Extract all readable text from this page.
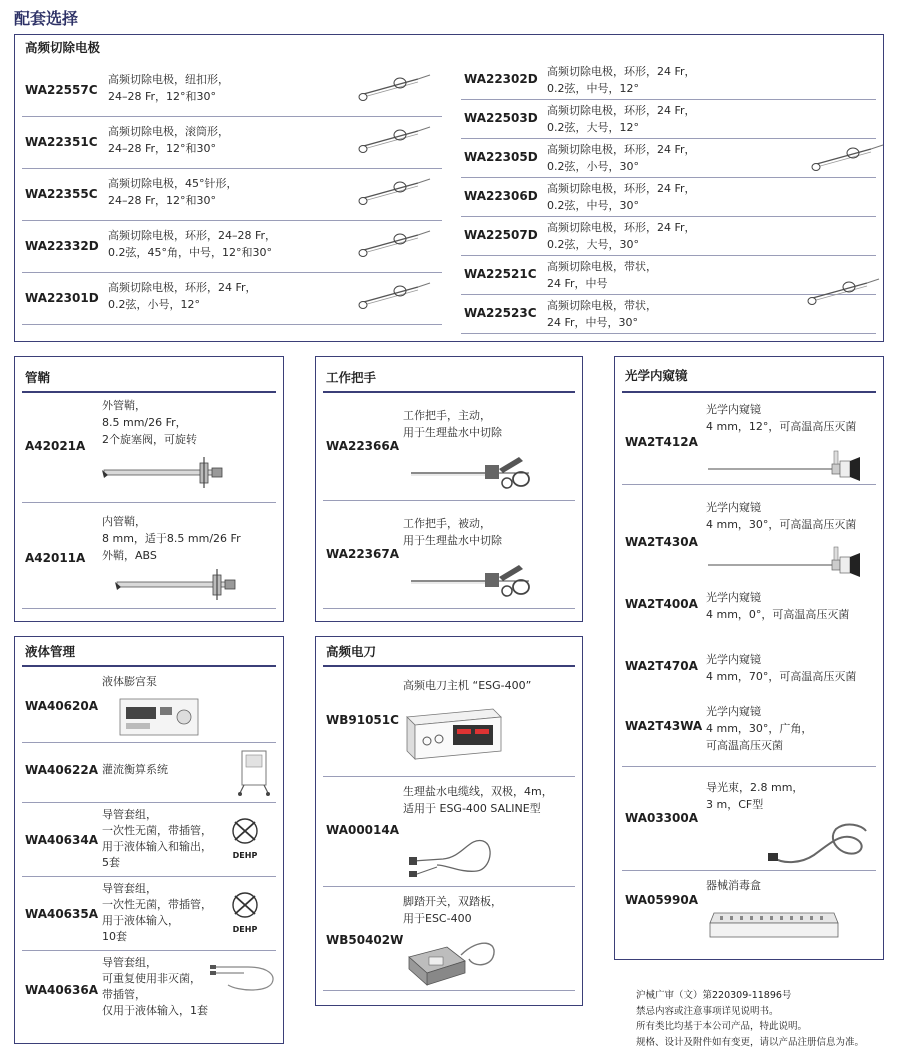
配套选择
高频切除电极
WA22557C
高频切除电极，纽扣形，
24–28 Fr，12°和30°
WA22351C
高频切除电极，滚筒形，
24–28 Fr，12°和30°
WA22355C
高频切除电极，45°针形，
24–28 Fr，12°和30°
WA22332D
高频切除电极，环形，24–28 Fr，
0.2弦，45°角，中号，12°和30°
WA22301D
高频切除电极，环形，24 Fr，
0.2弦，小号，12°
WA22302D
高频切除电极，环形，24 Fr，
0.2弦，中号，12°
WA22503D
高频切除电极，环形，24 Fr，
0.2弦，大号，12°
WA22305D
高频切除电极，环形，24 Fr，
0.2弦，小号，30°
WA22306D
高频切除电极，环形，24 Fr，
0.2弦，中号，30°
WA22507D
高频切除电极，环形，24 Fr，
0.2弦，大号，30°
WA22521C
高频切除电极，带状，
24 Fr，中号
WA22523C
高频切除电极，带状，
24 Fr，中号，30°
管鞘
A42021A
外管鞘，
8.5 mm/26 Fr，
2个旋塞阀，可旋转
A42011A
内管鞘，
8 mm，适于8.5 mm/26 Fr
外鞘，ABS
工作把手
WA22366A
工作把手，主动，
用于生理盐水中切除
WA22367A
工作把手，被动，
用于生理盐水中切除
光学内窥镜
WA2T412A
光学内窥镜
4 mm，12°，可高温高压灭菌
WA2T430A
光学内窥镜
4 mm，30°，可高温高压灭菌
WA2T400A 光学内窥镜
4 mm，0°，可高温高压灭菌
WA2T470A 光学内窥镜
4 mm，70°，可高温高压灭菌
WA2T43WA
光学内窥镜
4 mm，30°，广角，
可高温高压灭菌
WA03300A
导光束，2.8 mm，
3 m，CF型
WA05990A
器械消毒盒
液体管理
WA40620A
液体膨宫泵
WA40622A 灌流衡算系统
WA40634A
导管套组，
一次性无菌，带插管，
用于液体输入和输出，
5套
DEHP
WA40635A
导管套组，
一次性无菌，带插管，
用于液体输入，
10套
DEHP
WA40636A
导管套组，
可重复使用非灭菌，
带插管，
仅用于液体输入，1套
高频电刀
WB91051C
高频电刀主机 “ESG-400”
WA00014A
生理盐水电缆线，双极，4m，
适用于 ESG-400 SALINE型
WB50402W
脚踏开关，双踏板，
用于ESC-400
沪械广审（文）第220309-11896号
禁忌内容或注意事项详见说明书。
所有类比均基于本公司产品，特此说明。
规格、设计及附件如有变更，请以产品注册信息为准。
